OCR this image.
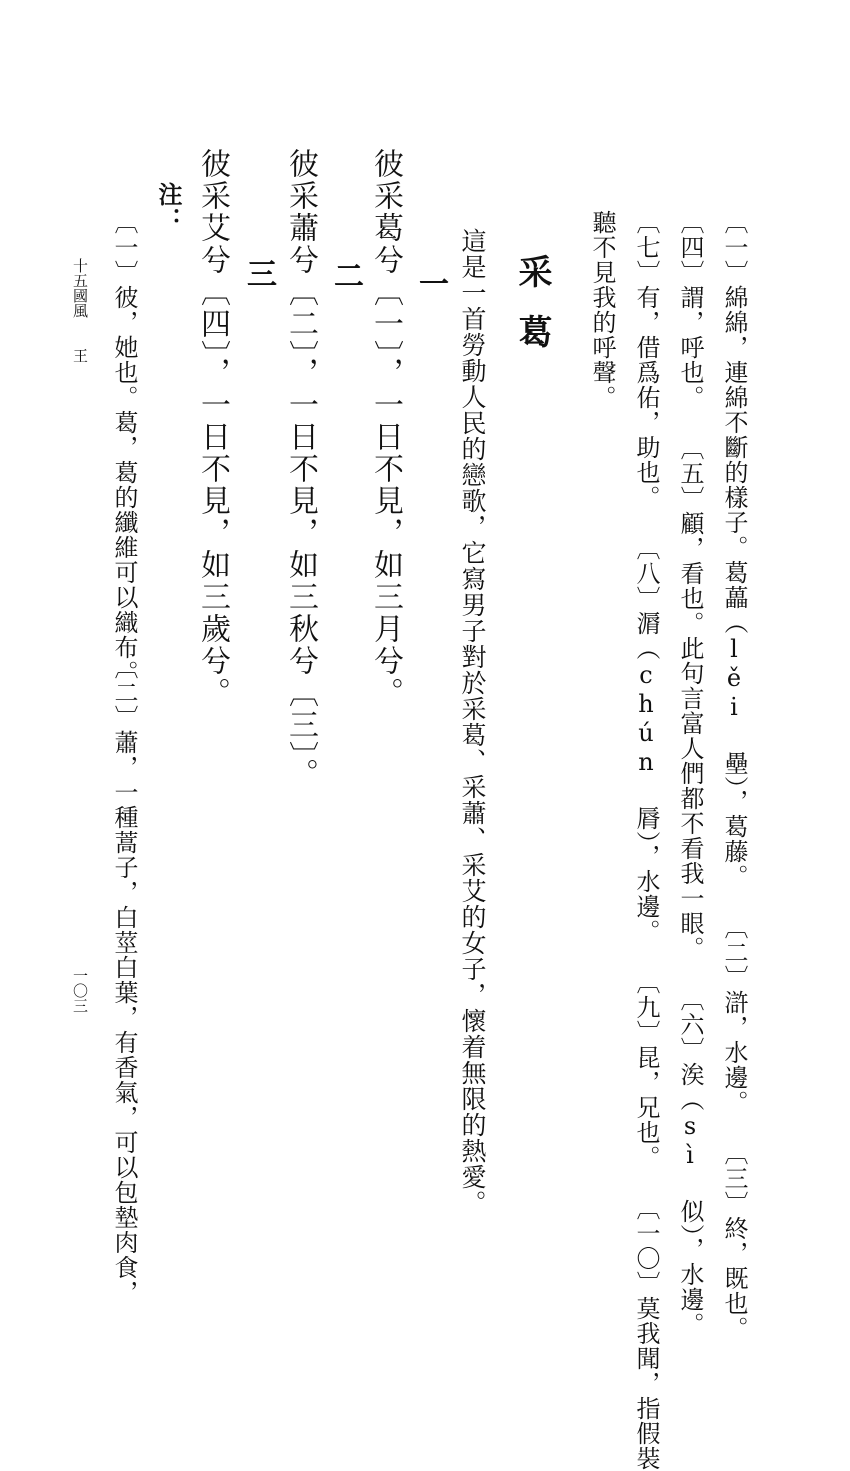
〔一〕綿綿，連綿不斷的樣子。葛藟（lěi 壘），葛藤。〔二〕滸，水邊。〔三〕終，既也。
〔四〕謂，呼也。〔五〕顧，看也。此句言富人們都不看我一眼。〔六〕涘（sì 似），水邊。
〔七〕有，借爲佑，助也。〔八〕漘（chún 脣），水邊。〔九〕昆，兄也。〔一〇〕莫我聞，指假裝
聽不見我的呼聲。
采葛
這是一首勞動人民的戀歌，它寫男子對於采葛、采蕭、采艾的女子，懷着無限的熱愛。
一
彼采葛兮〔一〕，一日不見，如三月兮。
二
彼采蕭兮〔二〕，一日不見，如三秋兮〔三〕。
三
彼采艾兮〔四〕，一日不見，如三歲兮。
注：
〔一〕彼，她也。葛，葛的纖維可以織布。
〔二〕蕭，一種蒿子，白莖白葉，有香氣，可以包墊肉食，
十五國風　　王
一〇三
